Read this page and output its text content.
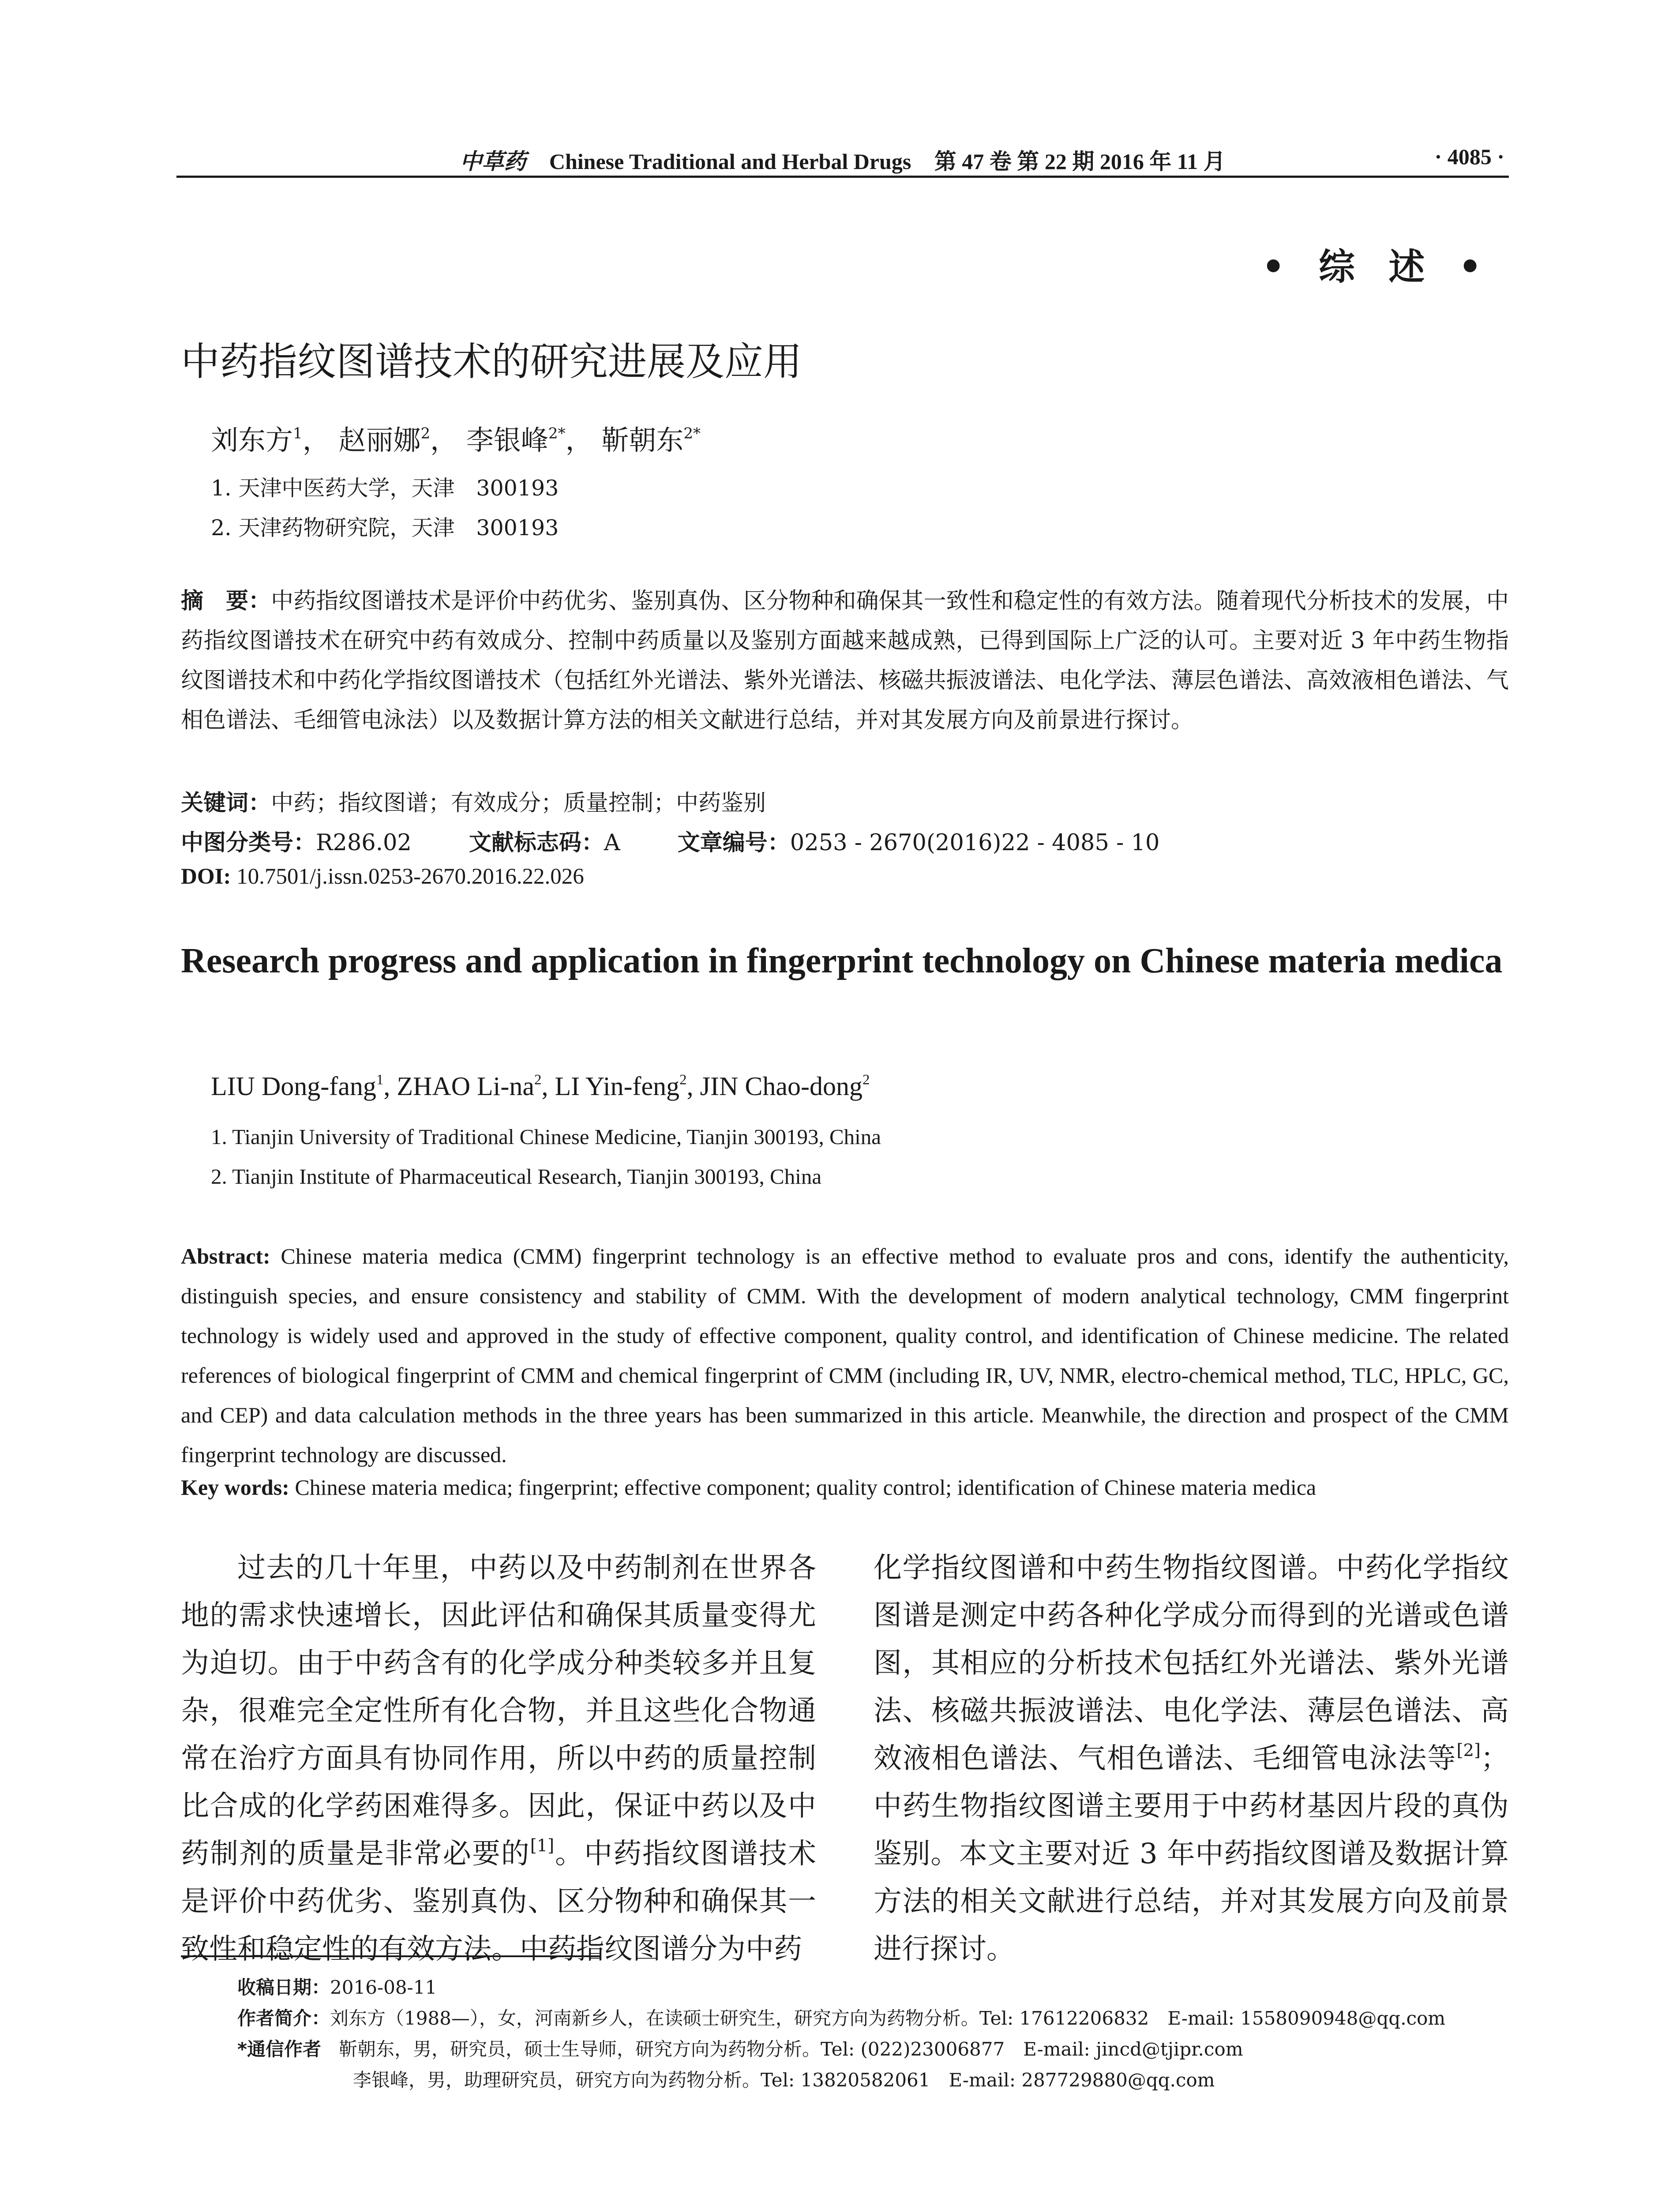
中草药 Chinese Traditional and Herbal Drugs 第 47 卷 第 22 期 2016 年 11 月	· 4085 ·
• 综 述 •
中药指纹图谱技术的研究进展及应用
刘东方$^1$， 赵丽娜$^2$， 李银峰$^{2*}$， 靳朝东$^{2*}$
1. 天津中医药大学，天津　300193
2. 天津药物研究院，天津　300193
摘　要：中药指纹图谱技术是评价中药优劣、鉴别真伪、区分物种和确保其一致性和稳定性的有效方法。随着现代分析技术的发展，中药指纹图谱技术在研究中药有效成分、控制中药质量以及鉴别方面越来越成熟，已得到国际上广泛的认可。主要对近 3 年中药生物指纹图谱技术和中药化学指纹图谱技术（包括红外光谱法、紫外光谱法、核磁共振波谱法、电化学法、薄层色谱法、高效液相色谱法、气相色谱法、毛细管电泳法）以及数据计算方法的相关文献进行总结，并对其发展方向及前景进行探讨。
关键词：中药；指纹图谱；有效成分；质量控制；中药鉴别
中图分类号：R286.02	文献标志码：A	文章编号：0253 - 2670(2016)22 - 4085 - 10
DOI: 10.7501/j.issn.0253-2670.2016.22.026
Research progress and application in fingerprint technology on Chinese materia medica
LIU Dong-fang$^1$, ZHAO $Li-na^2$, LI Yin-feng$^2$, JIN Chao-dong$^2$
1. Tianjin University of Traditional Chinese Medicine, Tianjin 300193, China
2. Tianjin Institute of Pharmaceutical Research, Tianjin 300193, China
Abstract: Chinese materia medica (CMM) fingerprint technology is an effective method to evaluate pros and cons, identify the authenticity, distinguish species, and ensure consistency and stability of CMM. With the development of modern analytical technology, CMM fingerprint technology is widely used and approved in the study of effective component, quality control, and identification of Chinese medicine. The related references of biological fingerprint of CMM and chemical fingerprint of CMM (including IR, UV, NMR, electro-chemical method, TLC, HPLC, GC, and CEP) and data calculation methods in the three years has been summarized in this article. Meanwhile, the direction and prospect of the CMM fingerprint technology are discussed.
Key words: Chinese materia medica; fingerprint; effective component; quality control; identification of Chinese materia medica
过去的几十年里，中药以及中药制剂在世界各地的需求快速增长，因此评估和确保其质量变得尤为迫切。由于中药含有的化学成分种类较多并且复杂，很难完全定性所有化合物，并且这些化合物通常在治疗方面具有协同作用，所以中药的质量控制比合成的化学药困难得多。因此，保证中药以及中药制剂的质量是非常必要的[1]。中药指纹图谱技术是评价中药优劣、鉴别真伪、区分物种和确保其一致性和稳定性的有效方法。中药指纹图谱分为中药
化学指纹图谱和中药生物指纹图谱。中药化学指纹图谱是测定中药各种化学成分而得到的光谱或色谱图，其相应的分析技术包括红外光谱法、紫外光谱法、核磁共振波谱法、电化学法、薄层色谱法、高效液相色谱法、气相色谱法、毛细管电泳法等[2]；中药生物指纹图谱主要用于中药材基因片段的真伪鉴别。本文主要对近 3 年中药指纹图谱及数据计算方法的相关文献进行总结，并对其发展方向及前景进行探讨。
收稿日期：2016-08-11
作者简介：刘东方（1988—），女，河南新乡人，在读硕士研究生，研究方向为药物分析。Tel: 17612206832　E-mail: 1558090948@qq.com
*通信作者 靳朝东，男，研究员，硕士生导师，研究方向为药物分析。Tel: (022)23006877　E-mail: jincd@tjipr.com
李银峰，男，助理研究员，研究方向为药物分析。Tel: 13820582061　E-mail: 287729880@qq.com
